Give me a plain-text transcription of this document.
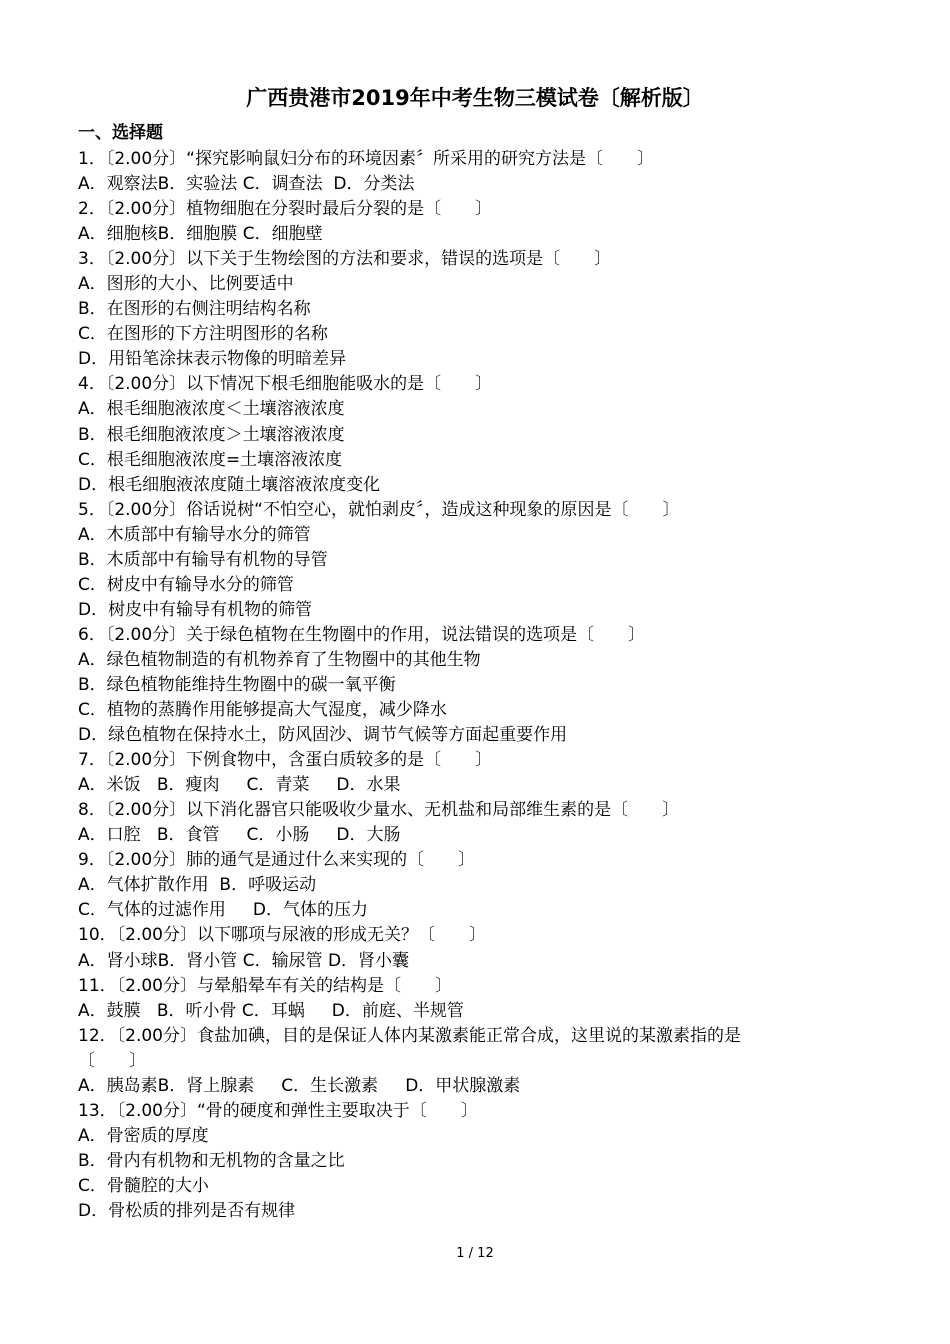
广西贵港市2019年中考生物三模试卷〔解析版〕
一、选择题
1．〔2.00分〕“探究影响鼠妇分布的环境因素〞所采用的研究方法是〔　　〕
A．观察法B．实验法 C．调查法  D．分类法
2．〔2.00分〕植物细胞在分裂时最后分裂的是〔　　〕
A．细胞核B．细胞膜 C．细胞壁
3．〔2.00分〕以下关于生物绘图的方法和要求，错误的选项是〔　　〕
A．图形的大小、比例要适中
B．在图形的右侧注明结构名称
C．在图形的下方注明图形的名称
D．用铅笔涂抹表示物像的明暗差异
4．〔2.00分〕以下情况下根毛细胞能吸水的是〔　　〕
A．根毛细胞液浓度＜土壤溶液浓度
B．根毛细胞液浓度＞土壤溶液浓度
C．根毛细胞液浓度=土壤溶液浓度
D．根毛细胞液浓度随土壤溶液浓度变化
5．〔2.00分〕俗话说树“不怕空心，就怕剥皮〞，造成这种现象的原因是〔　　〕
A．木质部中有输导水分的筛管
B．木质部中有输导有机物的导管
C．树皮中有输导水分的筛管
D．树皮中有输导有机物的筛管
6．〔2.00分〕关于绿色植物在生物圈中的作用，说法错误的选项是〔　　〕
A．绿色植物制造的有机物养育了生物圈中的其他生物
B．绿色植物能维持生物圈中的碳一氧平衡
C．植物的蒸腾作用能够提高大气湿度，减少降水
D．绿色植物在保持水土，防风固沙、调节气候等方面起重要作用
7．〔2.00分〕下例食物中，含蛋白质较多的是〔　　〕
A．米饭   B．瘦肉     C．青菜     D．水果
8．〔2.00分〕以下消化器官只能吸收少量水、无机盐和局部维生素的是〔　　〕
A．口腔   B．食管     C．小肠     D．大肠
9．〔2.00分〕肺的通气是通过什么来实现的〔　　〕
A．气体扩散作用  B．呼吸运动
C．气体的过滤作用     D．气体的压力
10．〔2.00分〕以下哪项与尿液的形成无关？〔　　〕
A．肾小球B．肾小管 C．输尿管 D．肾小囊
11．〔2.00分〕与晕船晕车有关的结构是〔　　〕
A．鼓膜   B．听小骨 C．耳蜗     D．前庭、半规管
12．〔2.00分〕食盐加碘，目的是保证人体内某激素能正常合成，这里说的某激素指的是
〔　　〕
A．胰岛素B．肾上腺素     C．生长激素     D．甲状腺激素
13．〔2.00分〕“骨的硬度和弹性主要取决于〔　　〕
A．骨密质的厚度
B．骨内有机物和无机物的含量之比
C．骨髓腔的大小
D．骨松质的排列是否有规律
1 / 12
